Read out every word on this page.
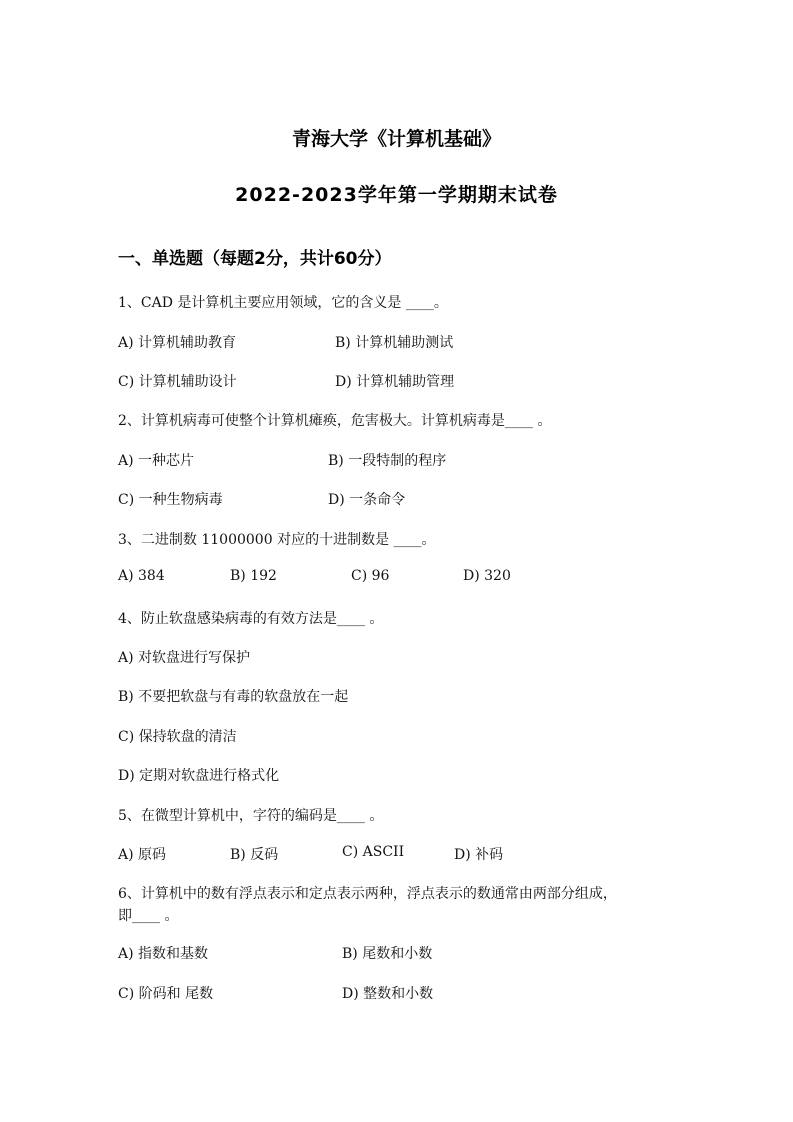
青海大学《计算机基础》
2022-2023学年第一学期期末试卷
一、单选题（每题2分，共计60分）
1、CAD 是计算机主要应用领域，它的含义是 ____。
A) 计算机辅助教育	B) 计算机辅助测试
C) 计算机辅助设计	D) 计算机辅助管理
2、计算机病毒可使整个计算机瘫痪，危害极大。计算机病毒是____ 。
A) 一种芯片	B) 一段特制的程序
C) 一种生物病毒	D) 一条命令
3、二进制数 11000000 对应的十进制数是 ____。
A) 384	B) 192	C) 96	D) 320
4、防止软盘感染病毒的有效方法是____ 。
A) 对软盘进行写保护
B) 不要把软盘与有毒的软盘放在一起
C) 保持软盘的清洁
D) 定期对软盘进行格式化
5、在微型计算机中，字符的编码是____ 。
A) 原码	B) 反码	C) ASCII	D) 补码
6、计算机中的数有浮点表示和定点表示两种，浮点表示的数通常由两部分组成，
即____ 。
A) 指数和基数	B) 尾数和小数
C) 阶码和 尾数	D) 整数和小数
